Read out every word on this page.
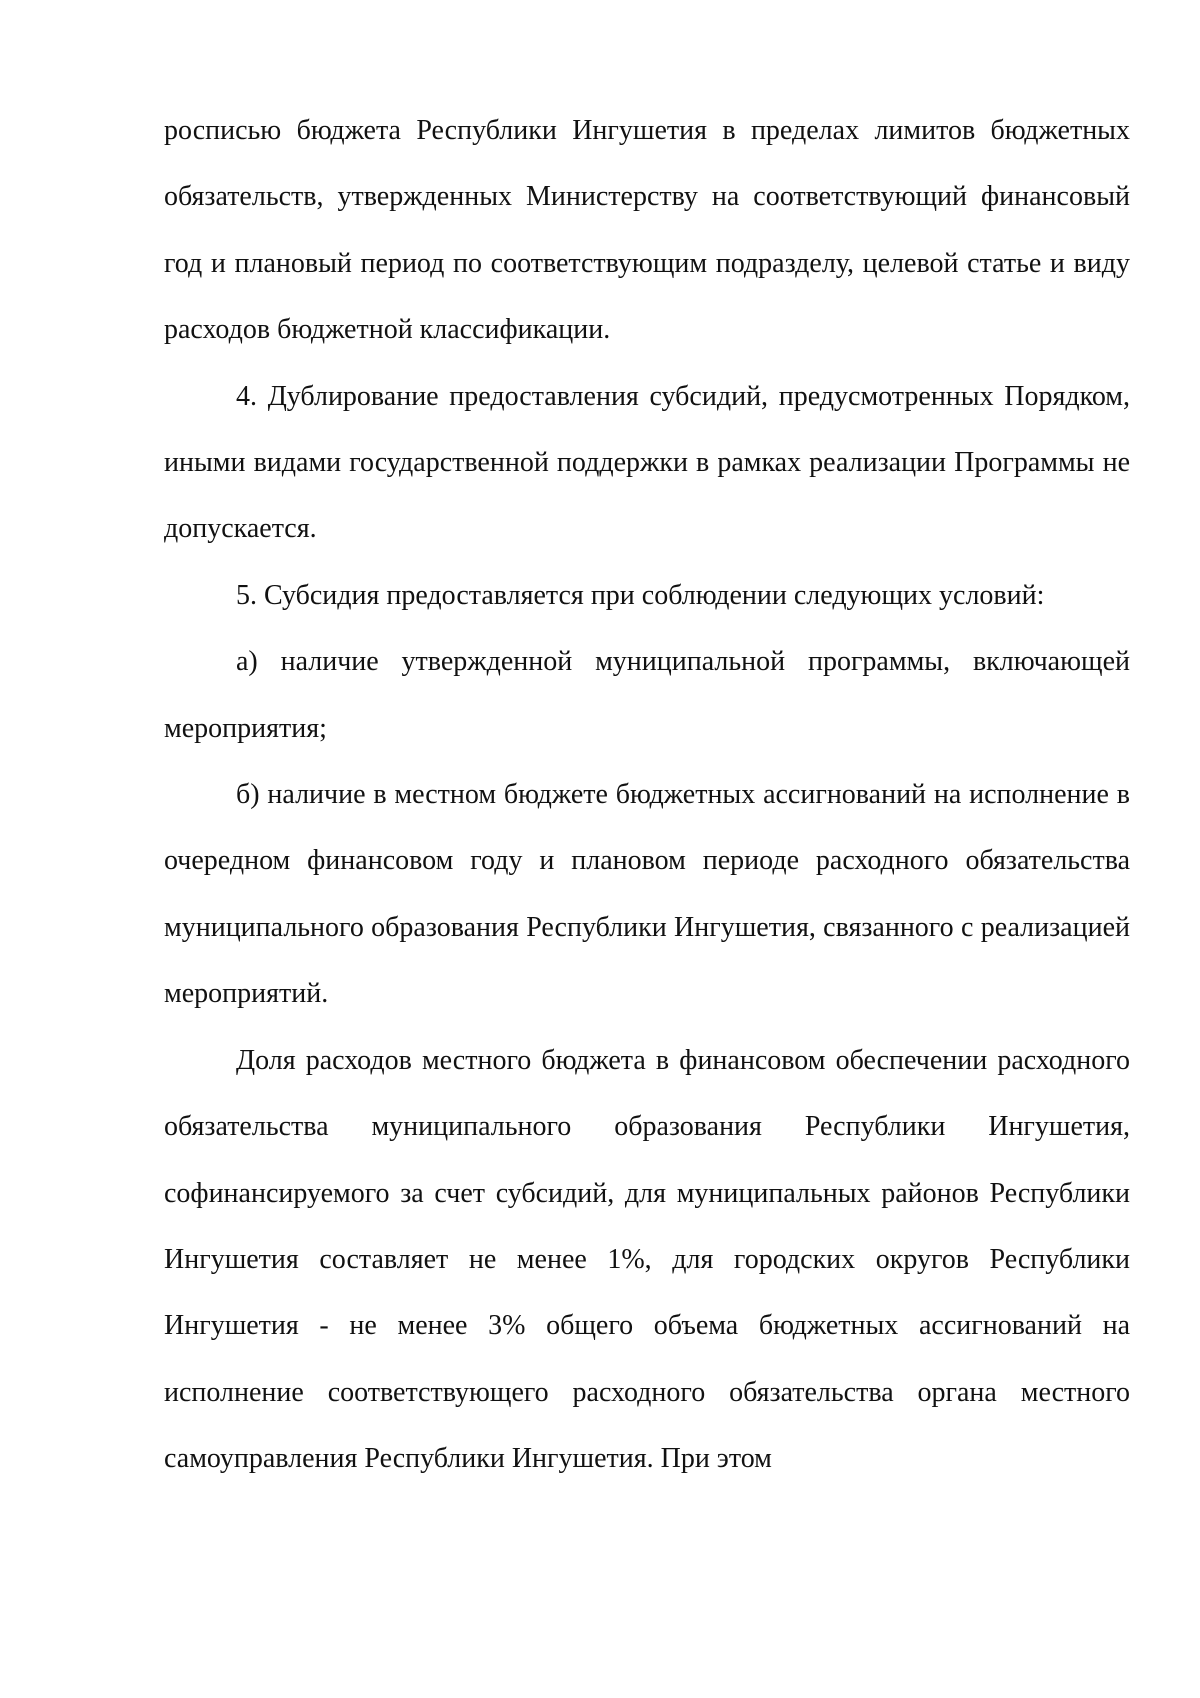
росписью бюджета Республики Ингушетия в пределах лимитов бюджетных обязательств, утвержденных Министерству на соответствующий финансовый год и плановый период по соответствующим подразделу, целевой статье и виду расходов бюджетной классификации.

4. Дублирование предоставления субсидий, предусмотренных Порядком, иными видами государственной поддержки в рамках реализации Программы не допускается.

5. Субсидия предоставляется при соблюдении следующих условий:

а) наличие утвержденной муниципальной программы, включающей мероприятия;

б) наличие в местном бюджете бюджетных ассигнований на исполнение в очередном финансовом году и плановом периоде расходного обязательства муниципального образования Республики Ингушетия, связанного с реализацией мероприятий.

Доля расходов местного бюджета в финансовом обеспечении расходного обязательства муниципального образования Республики Ингушетия, софинансируемого за счет субсидий, для муниципальных районов Республики Ингушетия составляет не менее 1%, для городских округов Республики Ингушетия - не менее 3% общего объема бюджетных ассигнований на исполнение соответствующего расходного обязательства органа местного самоуправления Республики Ингушетия. При этом
